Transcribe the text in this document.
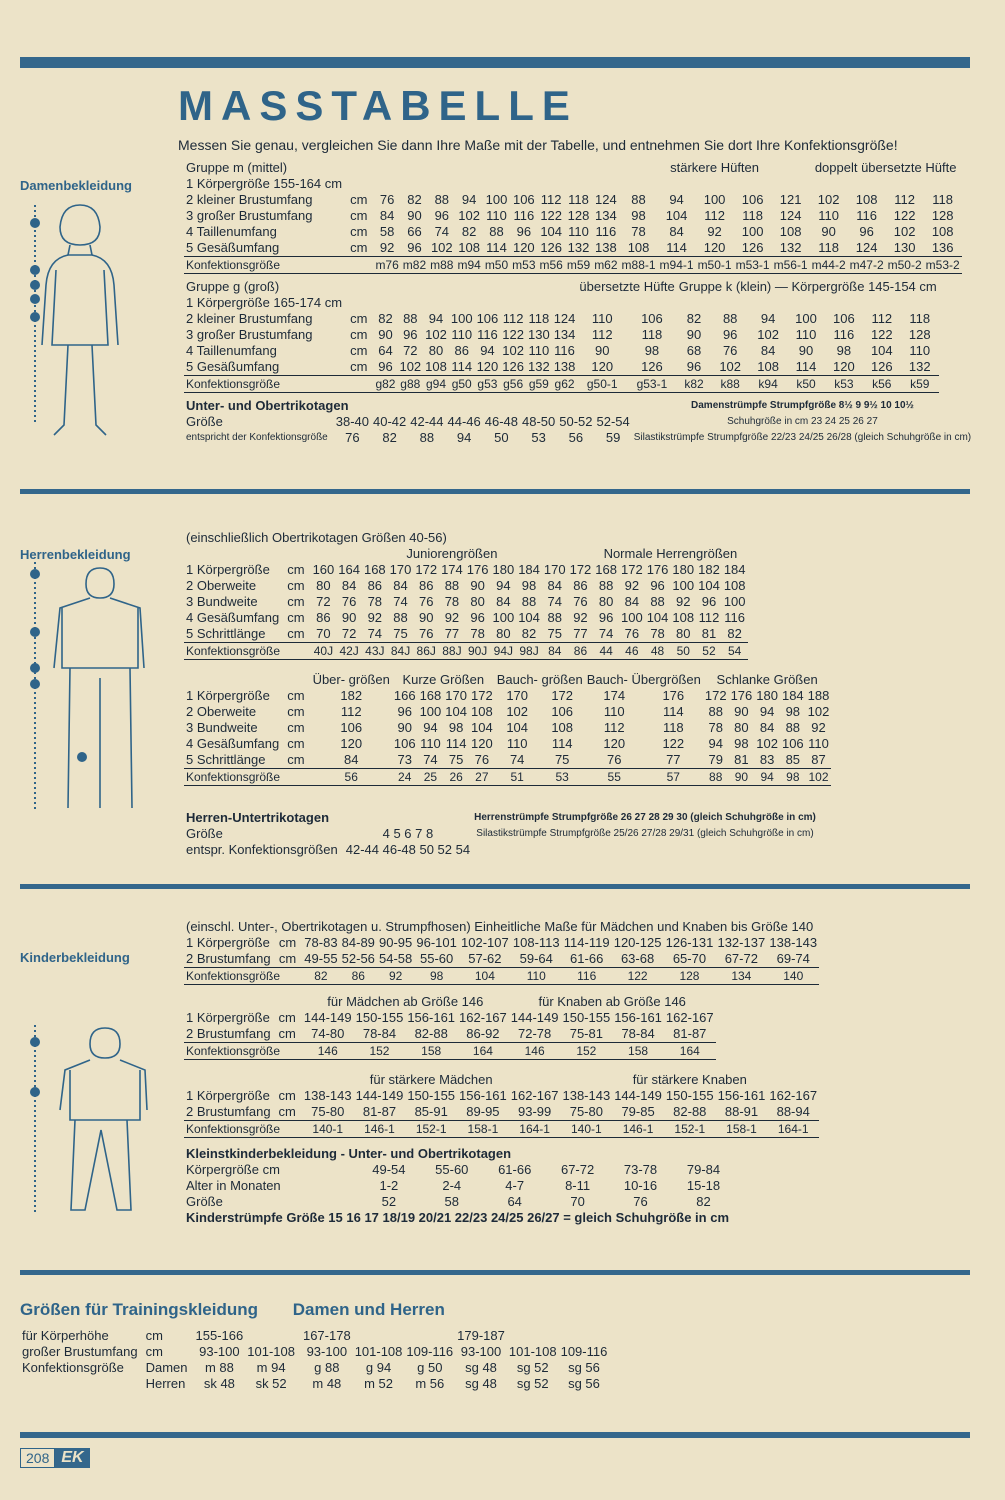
MASSTABELLE
Messen Sie genau, vergleichen Sie dann Ihre Maße mit der Tabelle, und entnehmen Sie dort Ihre Konfektionsgröße!
Damenbekleidung
Gruppe m (mittel)											stärkere Hüften					doppelt übersetzte Hüfte			
1 Körpergröße 155-164 cm																			
2 kleiner Brustumfang	cm	76	82	88	94	100	106	112	118	124	88	94	100	106	121	102	108	112	118
3 großer Brustumfang	cm	84	90	96	102	110	116	122	128	134	98	104	112	118	124	110	116	122	128
4 Taillenumfang	cm	58	66	74	82	88	96	104	110	116	78	84	92	100	108	90	96	102	108
5 Gesäßumfang	cm	92	96	102	108	114	120	126	132	138	108	114	120	126	132	118	124	130	136
Konfektionsgröße		m76	m82	m88	m94	m50	m53	m56	m59	m62	m88-1	m94-1	m50-1	m53-1	m56-1	m44-2	m47-2	m50-2	m53-2
Gruppe g (groß)										übersetzte Hüfte		Gruppe k (klein) — Körpergröße 145-154 cm						
1 Körpergröße 165-174 cm																		
2 kleiner Brustumfang	cm	82	88	94	100	106	112	118	124	110	106	82	88	94	100	106	112	118
3 großer Brustumfang	cm	90	96	102	110	116	122	130	134	112	118	90	96	102	110	116	122	128
4 Taillenumfang	cm	64	72	80	86	94	102	110	116	90	98	68	76	84	90	98	104	110
5 Gesäßumfang	cm	96	102	108	114	120	126	132	138	120	126	96	102	108	114	120	126	132
Konfektionsgröße		g82	g88	g94	g50	g53	g56	g59	g62	g50-1	g53-1	k82	k88	k94	k50	k53	k56	k59
Unter- und Obertrikotagen									Damenstrümpfe Strumpfgröße 8½ 9 9½ 10 10½
Größe	38-40	40-42	42-44	44-46	46-48	48-50	50-52	52-54	Schuhgröße in cm 23 24 25 26 27
entspricht der Konfektionsgröße	76	82	88	94	50	53	56	59	Silastikstrümpfe Strumpfgröße 22/23 24/25 26/28 (gleich Schuhgröße in cm)
Herrenbekleidung
(einschließlich Obertrikotagen Größen 40-56)																		
		Juniorengrößen											Normale Herrengrößen					
1 Körpergröße	cm	160	164	168	170	172	174	176	180	184	170	172	168	172	176	180	182	184
2 Oberweite	cm	80	84	86	84	86	88	90	94	98	84	86	88	92	96	100	104	108
3 Bundweite	cm	72	76	78	74	76	78	80	84	88	74	76	80	84	88	92	96	100
4 Gesäßumfang	cm	86	90	92	88	90	92	96	100	104	88	92	96	100	104	108	112	116
5 Schrittlänge	cm	70	72	74	75	76	77	78	80	82	75	77	74	76	78	80	81	82
Konfektionsgröße		40J	42J	43J	84J	86J	88J	90J	94J	98J	84	86	44	46	48	50	52	54
		Über- größen	Kurze Größen				Bauch- größen		Bauch- Übergrößen		Schlanke Größen				
1 Körpergröße	cm	182	166	168	170	172	170	172	174	176	172	176	180	184	188
2 Oberweite	cm	112	96	100	104	108	102	106	110	114	88	90	94	98	102
3 Bundweite	cm	106	90	94	98	104	104	108	112	118	78	80	84	88	92
4 Gesäßumfang	cm	120	106	110	114	120	110	114	120	122	94	98	102	106	110
5 Schrittlänge	cm	84	73	74	75	76	74	75	76	77	79	81	83	85	87
Konfektionsgröße		56	24	25	26	27	51	53	55	57	88	90	94	98	102
Herren-Untertrikotagen		Herrenstrümpfe Strumpfgröße 26 27 28 29 30 (gleich Schuhgröße in cm)
Größe	4 5 6 7 8	Silastikstrümpfe Strumpfgröße 25/26 27/28 29/31 (gleich Schuhgröße in cm)
entspr. Konfektionsgrößen	42-44 46-48 50 52 54	
Kinderbekleidung
(einschl. Unter-, Obertrikotagen u. Strumpfhosen) Einheitliche Maße für Mädchen und Knaben bis Größe 140												
1 Körpergröße	cm	78-83	84-89	90-95	96-101	102-107	108-113	114-119	120-125	126-131	132-137	138-143
2 Brustumfang	cm	49-55	52-56	54-58	55-60	57-62	59-64	61-66	63-68	65-70	67-72	69-74
Konfektionsgröße		82	86	92	98	104	110	116	122	128	134	140
		für Mädchen ab Größe 146				für Knaben ab Größe 146			
1 Körpergröße	cm	144-149	150-155	156-161	162-167	144-149	150-155	156-161	162-167
2 Brustumfang	cm	74-80	78-84	82-88	86-92	72-78	75-81	78-84	81-87
Konfektionsgröße		146	152	158	164	146	152	158	164
		für stärkere Mädchen					für stärkere Knaben				
1 Körpergröße	cm	138-143	144-149	150-155	156-161	162-167	138-143	144-149	150-155	156-161	162-167
2 Brustumfang	cm	75-80	81-87	85-91	89-95	93-99	75-80	79-85	82-88	88-91	88-94
Konfektionsgröße		140-1	146-1	152-1	158-1	164-1	140-1	146-1	152-1	158-1	164-1
Kleinstkinderbekleidung - Unter- und Obertrikotagen						
Körpergröße cm	49-54	55-60	61-66	67-72	73-78	79-84
Alter in Monaten	1-2	2-4	4-7	8-11	10-16	15-18
Größe	52	58	64	70	76	82
Kinderstrümpfe Größe 15 16 17 18/19 20/21 22/23 24/25 26/27 = gleich Schuhgröße in cm						
Größen für Trainingskleidung Damen und Herren
für Körperhöhe	cm	155-166			167-178			179-187		
großer Brustumfang	cm	93-100	101-108		93-100	101-108	109-116	93-100	101-108	109-116
Konfektionsgröße	Damen	m 88	m 94		g 88	g 94	g 50	sg 48	sg 52	sg 56
	Herren	sk 48	sk 52		m 48	m 52	m 56	sg 48	sg 52	sg 56
208 EK
